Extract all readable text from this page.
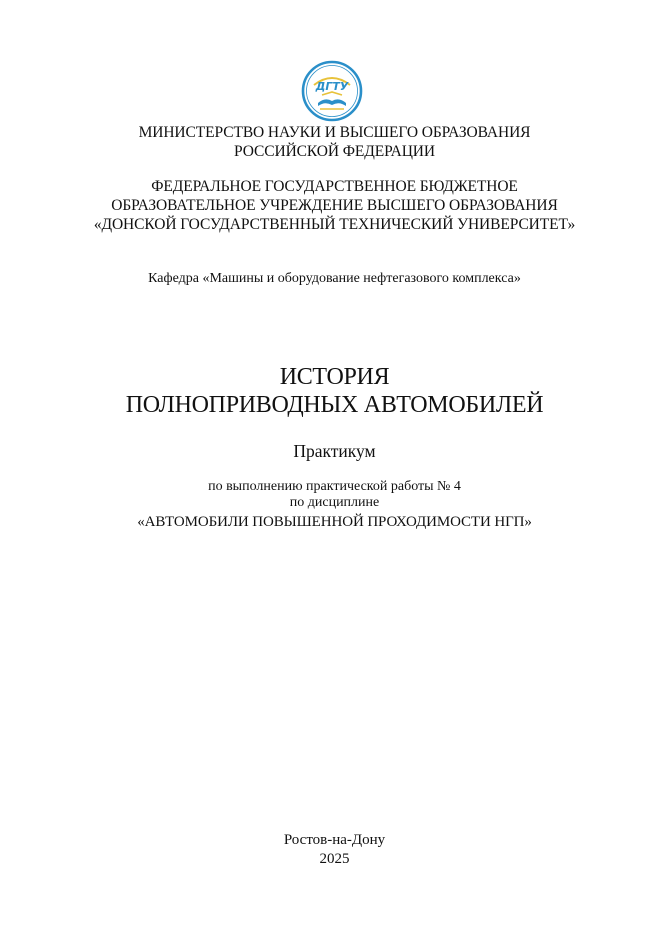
ДГТУ
МИНИСТЕРСТВО НАУКИ И ВЫСШЕГО ОБРАЗОВАНИЯ
РОССИЙСКОЙ ФЕДЕРАЦИИ
ФЕДЕРАЛЬНОЕ ГОСУДАРСТВЕННОЕ БЮДЖЕТНОЕ
ОБРАЗОВАТЕЛЬНОЕ УЧРЕЖДЕНИЕ ВЫСШЕГО ОБРАЗОВАНИЯ
«ДОНСКОЙ ГОСУДАРСТВЕННЫЙ ТЕХНИЧЕСКИЙ УНИВЕРСИТЕТ»
Кафедра «Машины и оборудование нефтегазового комплекса»
ИСТОРИЯ
ПОЛНОПРИВОДНЫХ АВТОМОБИЛЕЙ
Практикум
по выполнению практической работы № 4
по дисциплине
«АВТОМОБИЛИ ПОВЫШЕННОЙ ПРОХОДИМОСТИ НГП»
Ростов-на-Дону
2025
